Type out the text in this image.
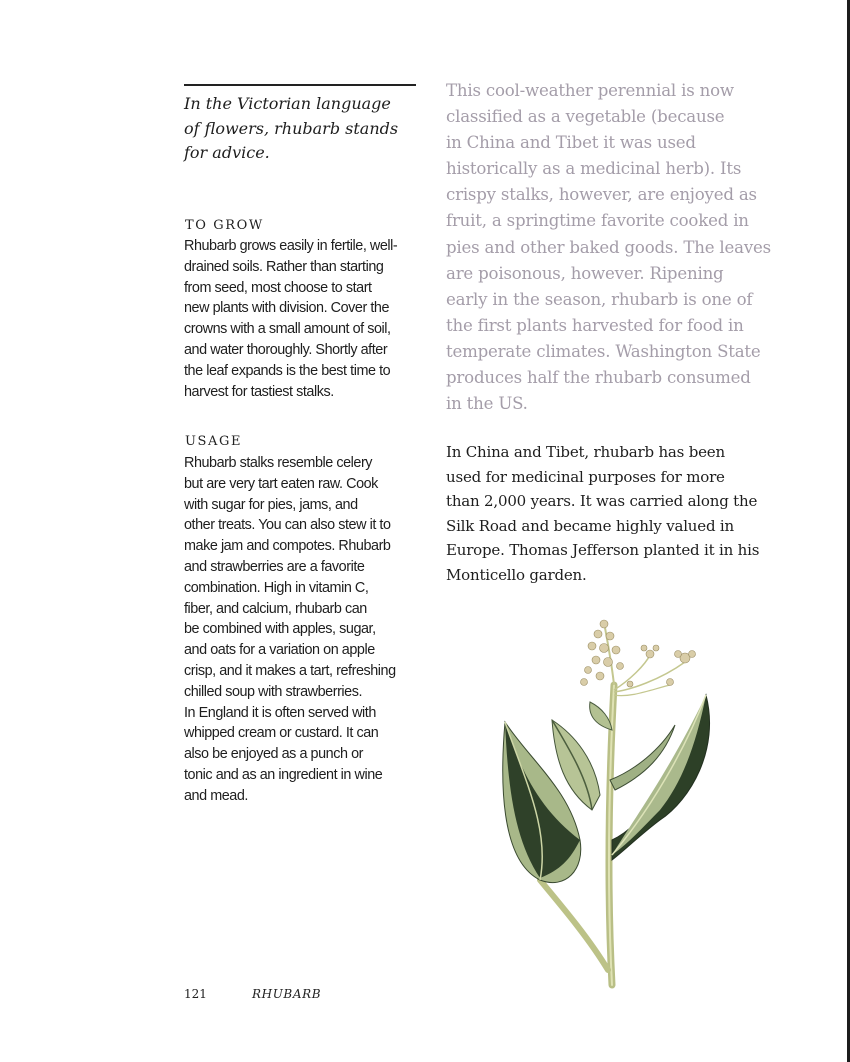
In the Victorian language
of flowers, rhubarb stands
for advice.
TO GROW
Rhubarb grows easily in fertile, well-
drained soils. Rather than starting
from seed, most choose to start
new plants with division. Cover the
crowns with a small amount of soil,
and water thoroughly. Shortly after
the leaf expands is the best time to
harvest for tastiest stalks.
USAGE
Rhubarb stalks resemble celery
but are very tart eaten raw. Cook
with sugar for pies, jams, and
other treats. You can also stew it to
make jam and compotes. Rhubarb
and strawberries are a favorite
combination. High in vitamin C,
fiber, and calcium, rhubarb can
be combined with apples, sugar,
and oats for a variation on apple
crisp, and it makes a tart, refreshing
chilled soup with strawberries.
In England it is often served with
whipped cream or custard. It can
also be enjoyed as a punch or
tonic and as an ingredient in wine
and mead.
This cool-weather perennial is now
classified as a vegetable (because
in China and Tibet it was used
historically as a medicinal herb). Its
crispy stalks, however, are enjoyed as
fruit, a springtime favorite cooked in
pies and other baked goods. The leaves
are poisonous, however. Ripening
early in the season, rhubarb is one of
the first plants harvested for food in
temperate climates. Washington State
produces half the rhubarb consumed
in the US.
In China and Tibet, rhubarb has been
used for medicinal purposes for more
than 2,000 years. It was carried along the
Silk Road and became highly valued in
Europe. Thomas Jefferson planted it in his
Monticello garden.
121	RHUBARB
